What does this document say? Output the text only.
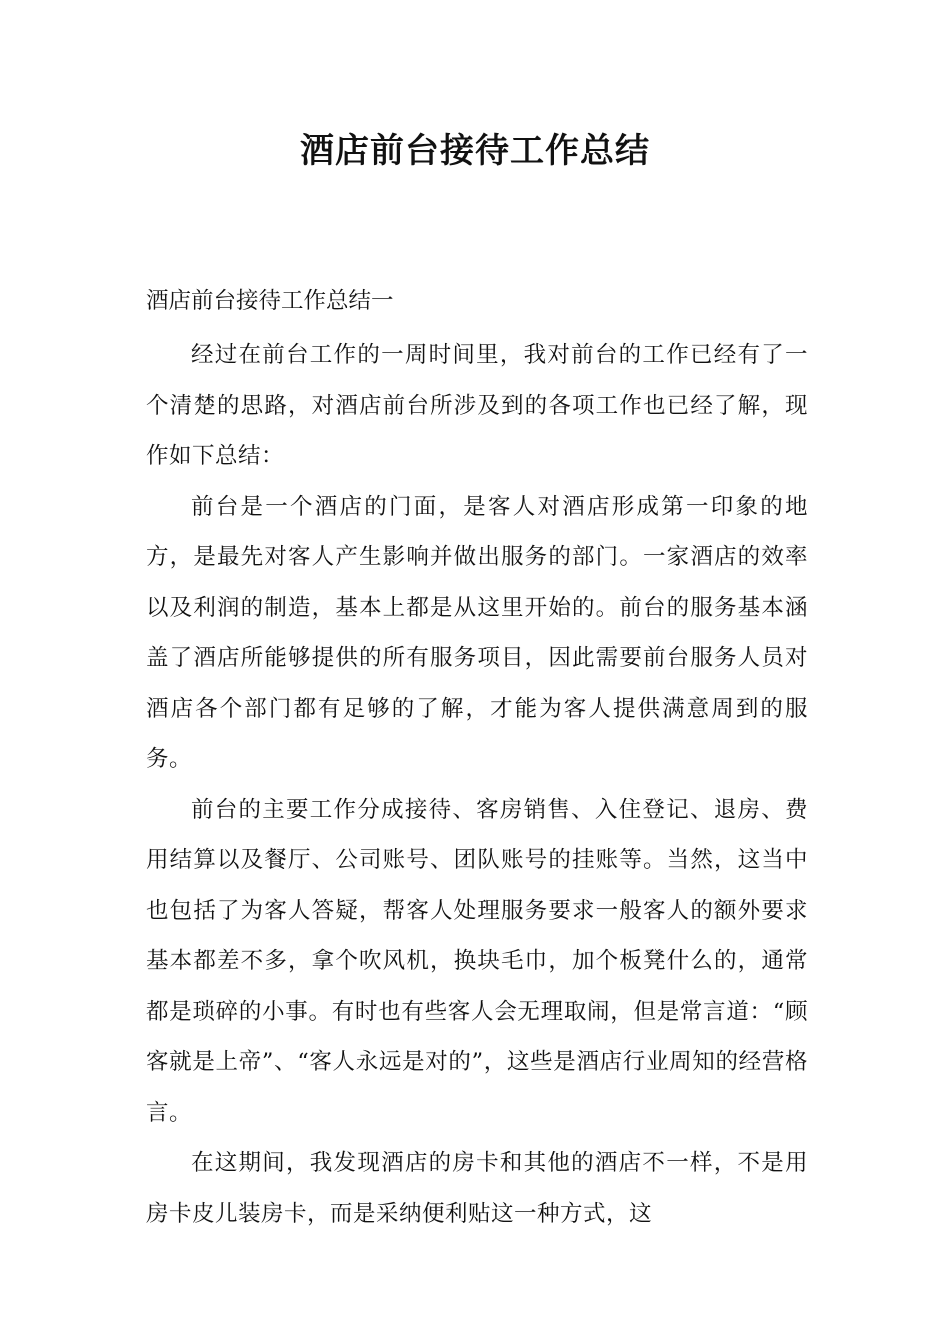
酒店前台接待工作总结

酒店前台接待工作总结一

经过在前台工作的一周时间里，我对前台的工作已经有了一个清楚的思路，对酒店前台所涉及到的各项工作也已经了解，现作如下总结：

前台是一个酒店的门面，是客人对酒店形成第一印象的地方，是最先对客人产生影响并做出服务的部门。一家酒店的效率以及利润的制造，基本上都是从这里开始的。前台的服务基本涵盖了酒店所能够提供的所有服务项目，因此需要前台服务人员对酒店各个部门都有足够的了解，才能为客人提供满意周到的服务。

前台的主要工作分成接待、客房销售、入住登记、退房、费用结算以及餐厅、公司账号、团队账号的挂账等。当然，这当中也包括了为客人答疑，帮客人处理服务要求一般客人的额外要求基本都差不多，拿个吹风机，换块毛巾，加个板凳什么的，通常都是琐碎的小事。有时也有些客人会无理取闹，但是常言道：“顾客就是上帝”、“客人永远是对的”，这些是酒店行业周知的经营格言。

在这期间，我发现酒店的房卡和其他的酒店不一样，不是用房卡皮儿装房卡，而是采纳便利贴这一种方式，这
